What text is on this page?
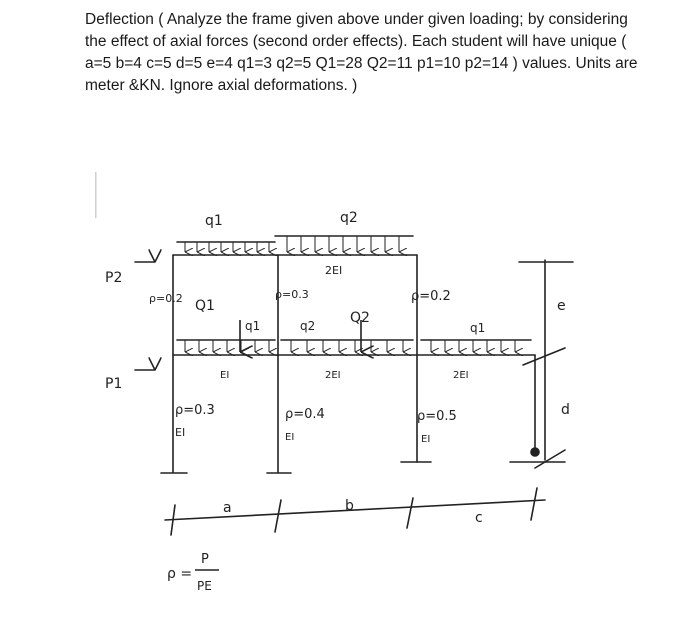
Deflection ( Analyze the frame given above under given loading; by considering the effect of axial forces (second order effects). Each student will have unique ( a=5 b=4 c=5 d=5 e=4 q1=3 q2=5 Q1=28 Q2=11 p1=10 p2=14 ) values. Units are meter &KN. Ignore axial deformations. )

q1	q2
2EI
P2
P1
ρ=0.2 Q1
q1
ρ=0.3
q2 Q2
ρ=0.2
q1
e
EI	2EI	2EI
ρ=0.3
EI
ρ=0.4
EI
ρ=0.5
EI
d
a	b
c
ρ =
P
PE
